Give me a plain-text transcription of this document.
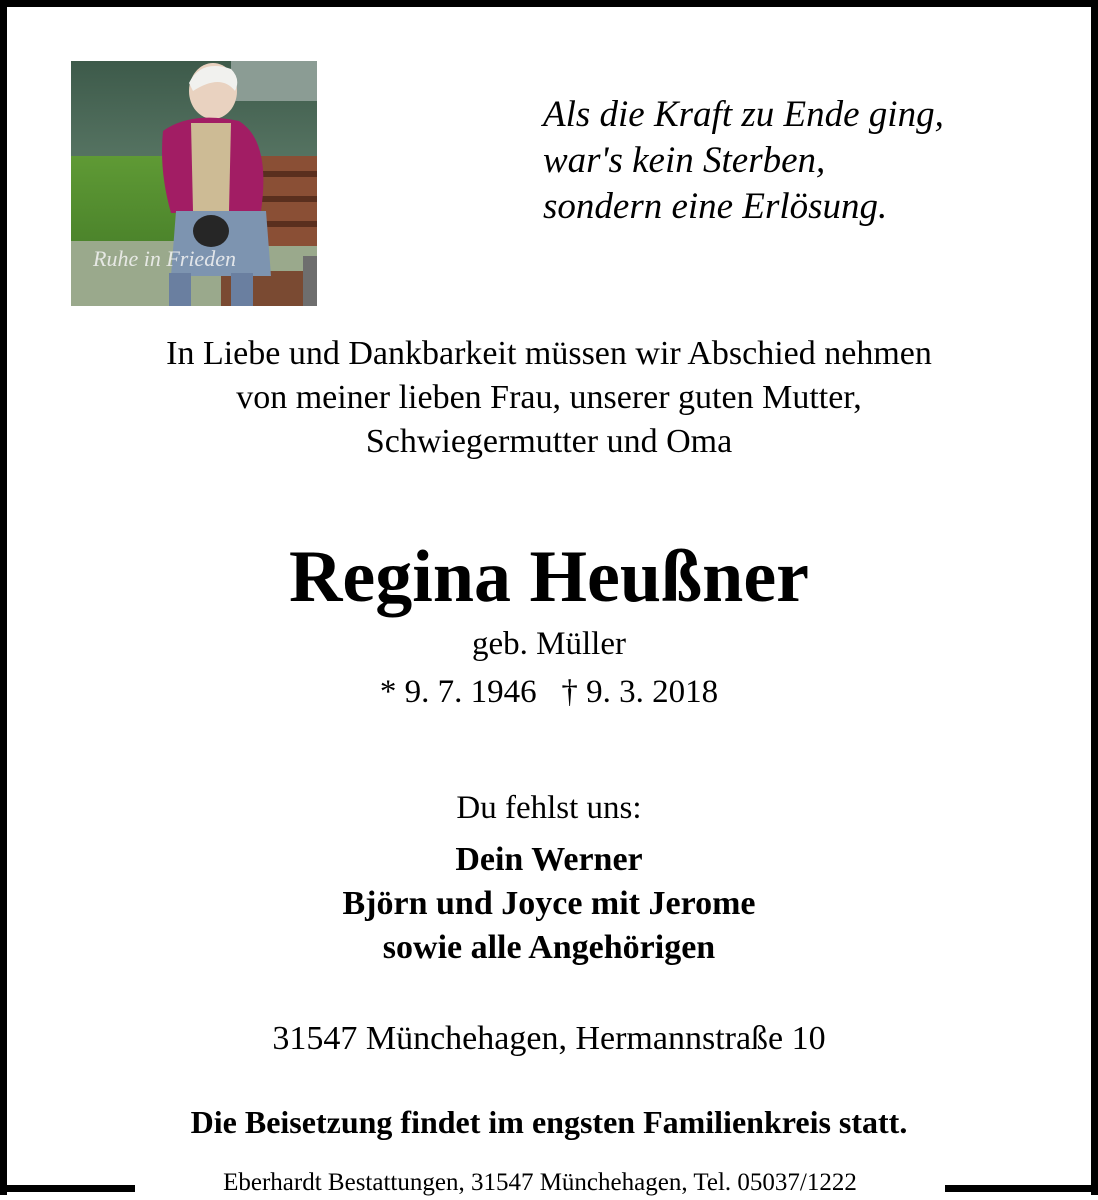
Ruhe in Frieden
Als die Kraft zu Ende ging,
war's kein Sterben,
sondern eine Erlösung.
In Liebe und Dankbarkeit müssen wir Abschied nehmen
von meiner lieben Frau, unserer guten Mutter,
Schwiegermutter und Oma
Regina Heußner
geb. Müller
* 9. 7. 1946   † 9. 3. 2018
Du fehlst uns:
Dein Werner
Björn und Joyce mit Jerome
sowie alle Angehörigen
31547 Münchehagen, Hermannstraße 10
Die Beisetzung findet im engsten Familienkreis statt.
Eberhardt Bestattungen, 31547 Münchehagen, Tel. 05037/1222
